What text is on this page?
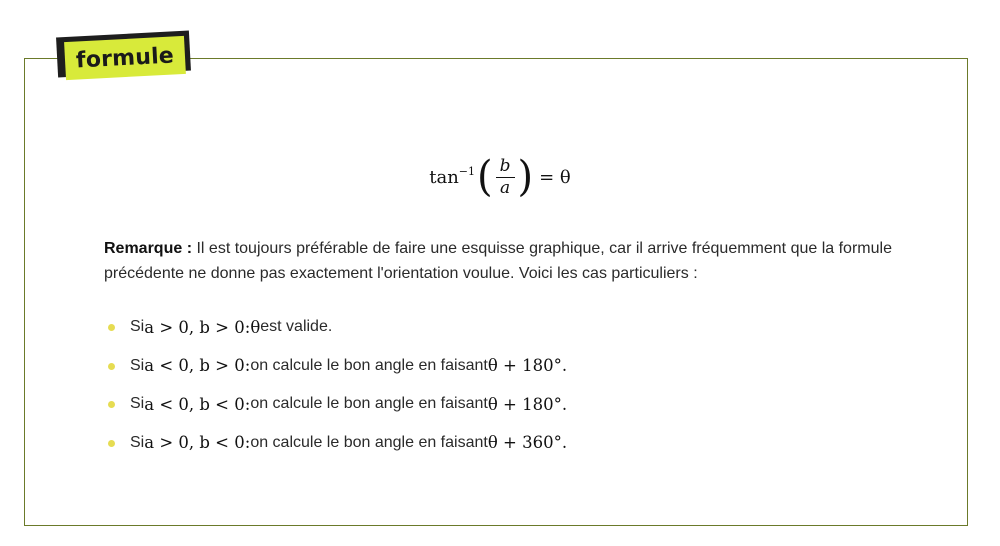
formule
$\tan^{-1}$ ( $\frac{b}{a}$ ) = θ

Remarque : Il est toujours préférable de faire une esquisse graphique, car il arrive fréquemment que la formule précédente ne donne pas exactement l'orientation voulue. Voici les cas particuliers :

Si a > 0, b > 0 : θ est valide.
Si a < 0, b > 0 : on calcule le bon angle en faisant θ + 180°.
Si a < 0, b < 0 : on calcule le bon angle en faisant θ + 180°.
Si a > 0, b < 0 : on calcule le bon angle en faisant θ + 360°.
